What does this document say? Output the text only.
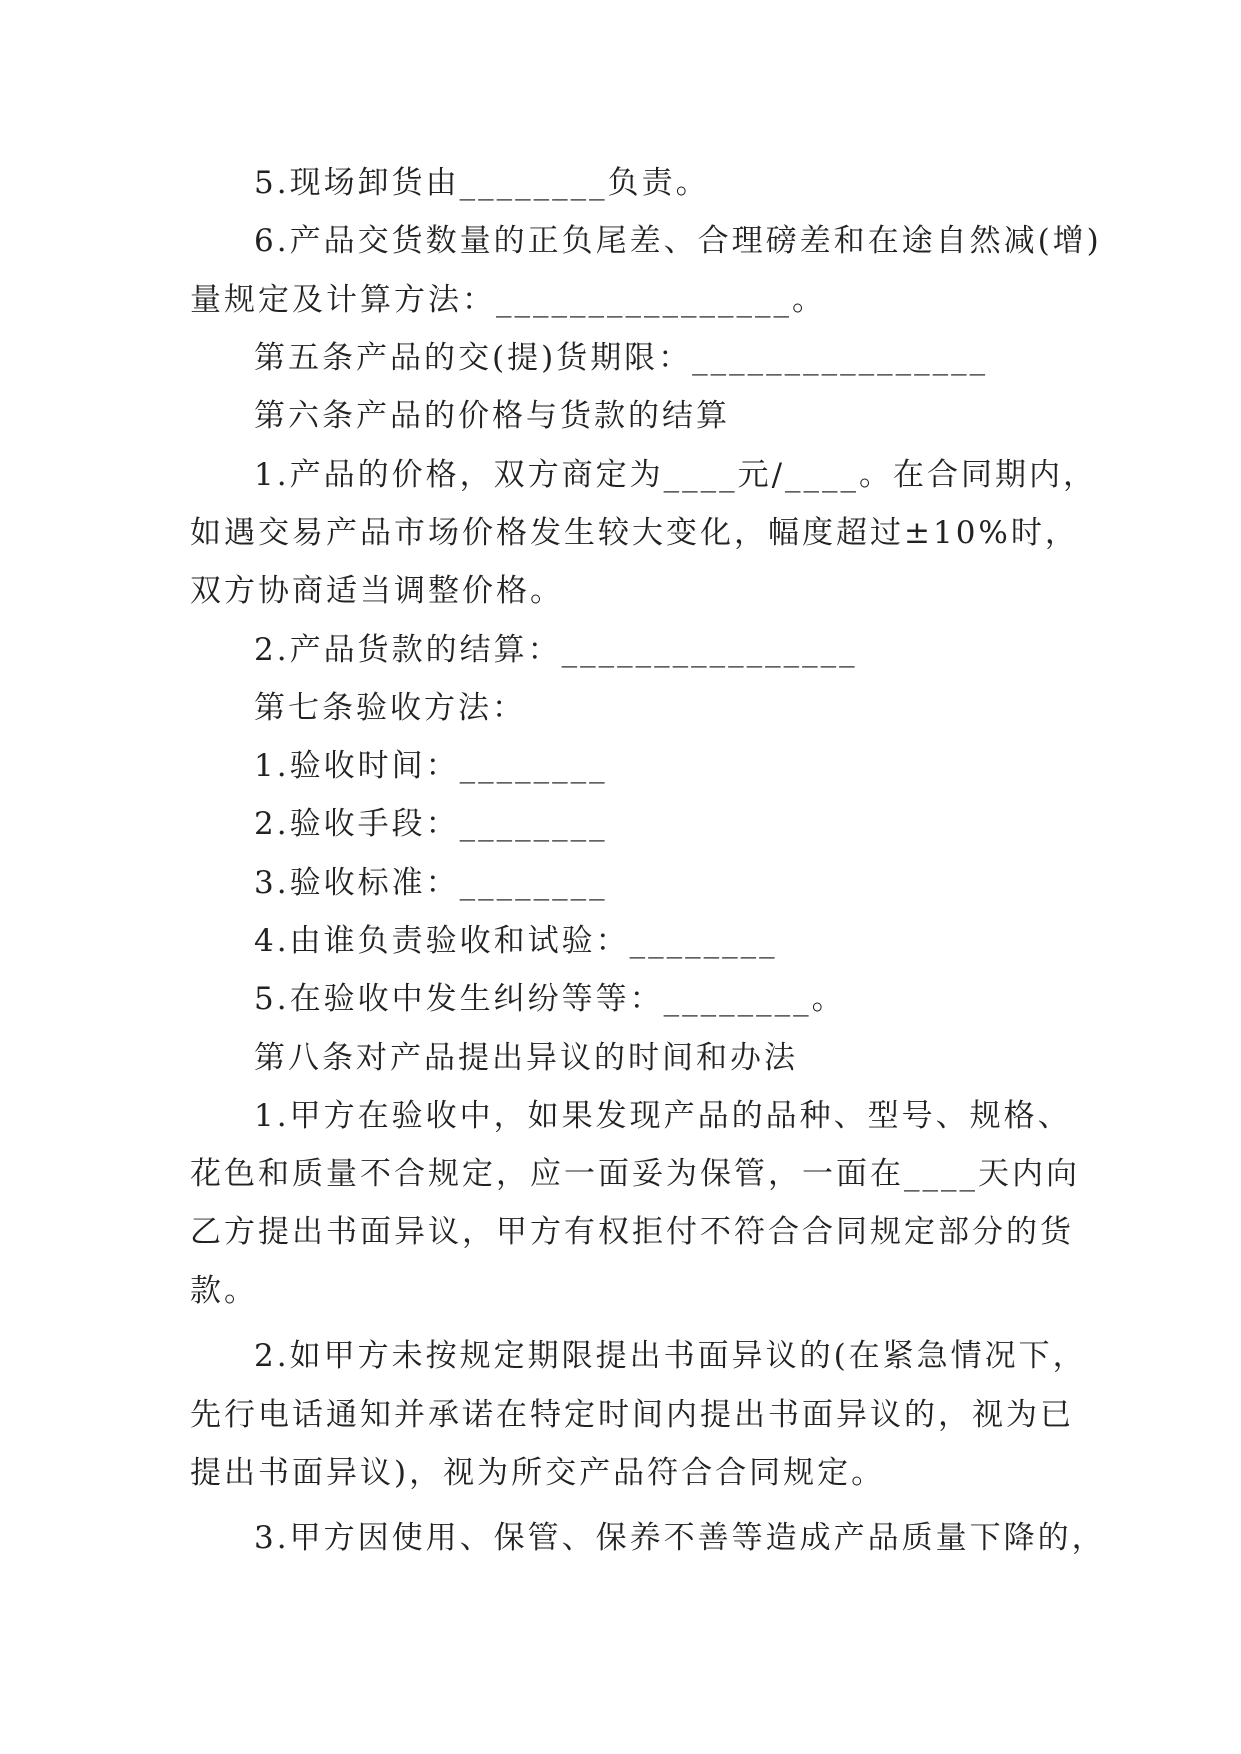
5.现场卸货由________负责。
6.产品交货数量的正负尾差、合理磅差和在途自然减(增)
量规定及计算方法：________________。
第五条产品的交(提)货期限：________________
第六条产品的价格与货款的结算
1.产品的价格，双方商定为____元/____。在合同期内，
如遇交易产品市场价格发生较大变化，幅度超过±10%时，
双方协商适当调整价格。
2.产品货款的结算：________________
第七条验收方法：
1.验收时间：________
2.验收手段：________
3.验收标准：________
4.由谁负责验收和试验：________
5.在验收中发生纠纷等等：________。
第八条对产品提出异议的时间和办法
1.甲方在验收中，如果发现产品的品种、型号、规格、
花色和质量不合规定，应一面妥为保管，一面在____天内向
乙方提出书面异议，甲方有权拒付不符合合同规定部分的货
款。
2.如甲方未按规定期限提出书面异议的(在紧急情况下，
先行电话通知并承诺在特定时间内提出书面异议的，视为已
提出书面异议)，视为所交产品符合合同规定。
3.甲方因使用、保管、保养不善等造成产品质量下降的，
